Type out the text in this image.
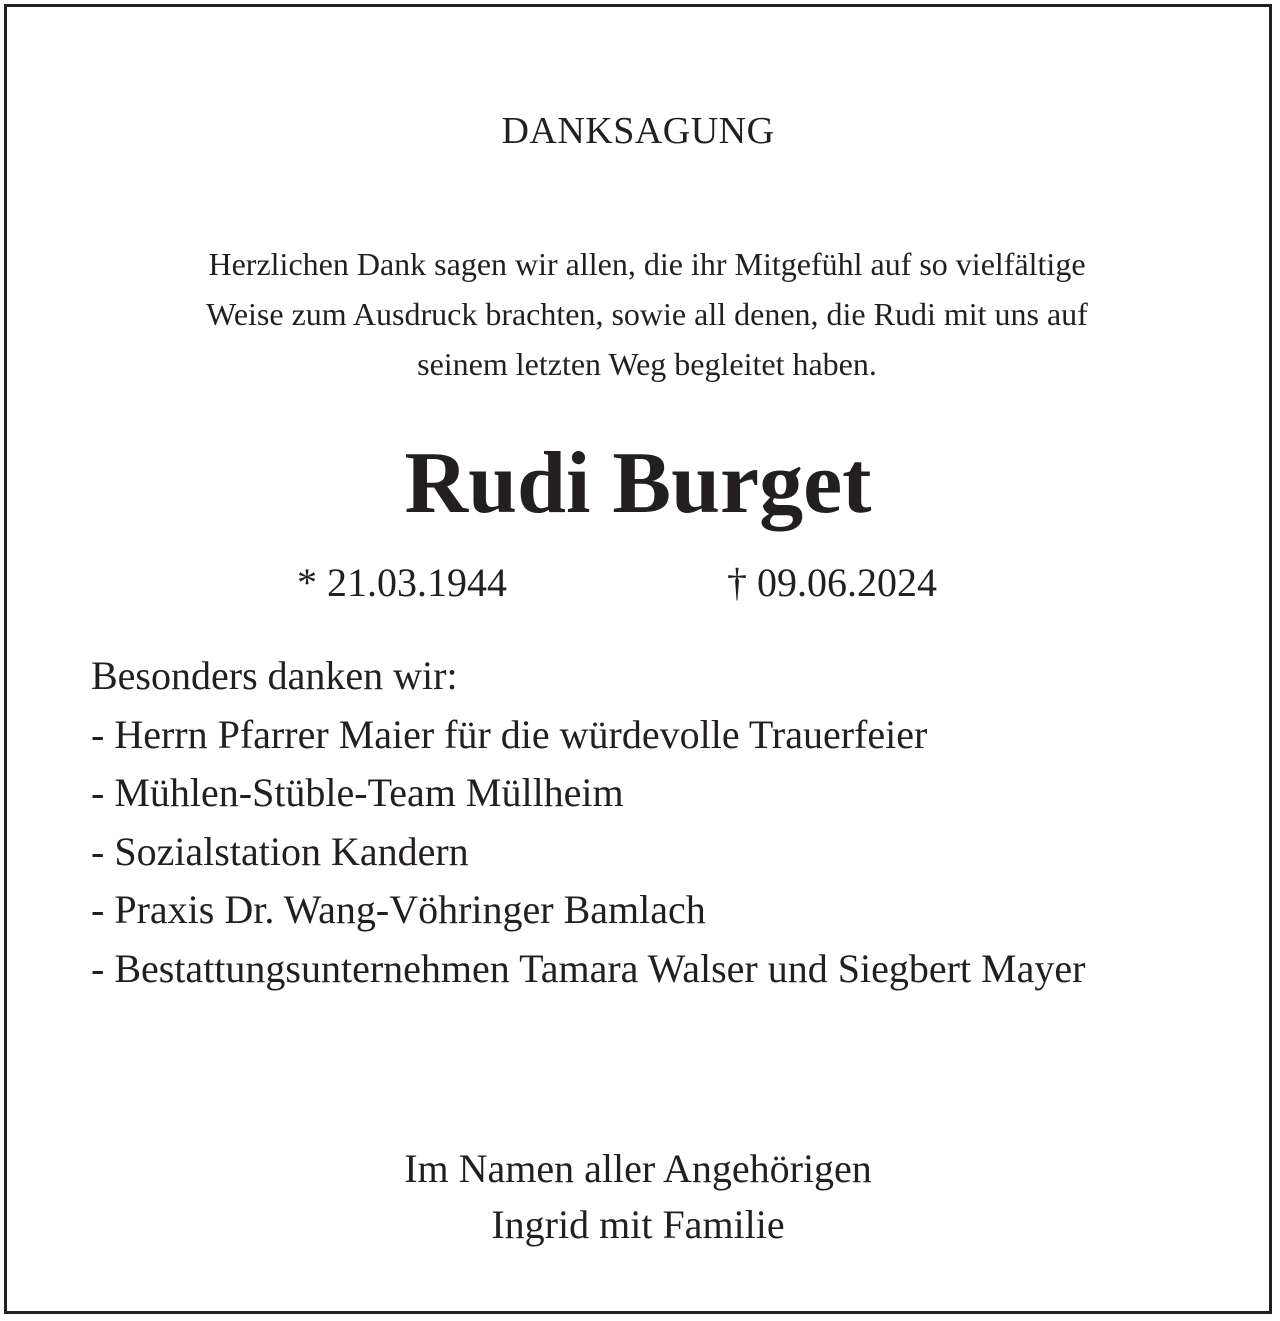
DANKSAGUNG
Herzlichen Dank sagen wir allen, die ihr Mitgefühl auf so vielfältige
Weise zum Ausdruck brachten, sowie all denen, die Rudi mit uns auf
seinem letzten Weg begleitet haben.
Rudi Burget
* 21.03.1944	† 09.06.2024
Besonders danken wir:
- Herrn Pfarrer Maier für die würdevolle Trauerfeier
- Mühlen-Stüble-Team Müllheim
- Sozialstation Kandern
- Praxis Dr. Wang-Vöhringer Bamlach
- Bestattungsunternehmen Tamara Walser und Siegbert Mayer
Im Namen aller Angehörigen
Ingrid mit Familie
